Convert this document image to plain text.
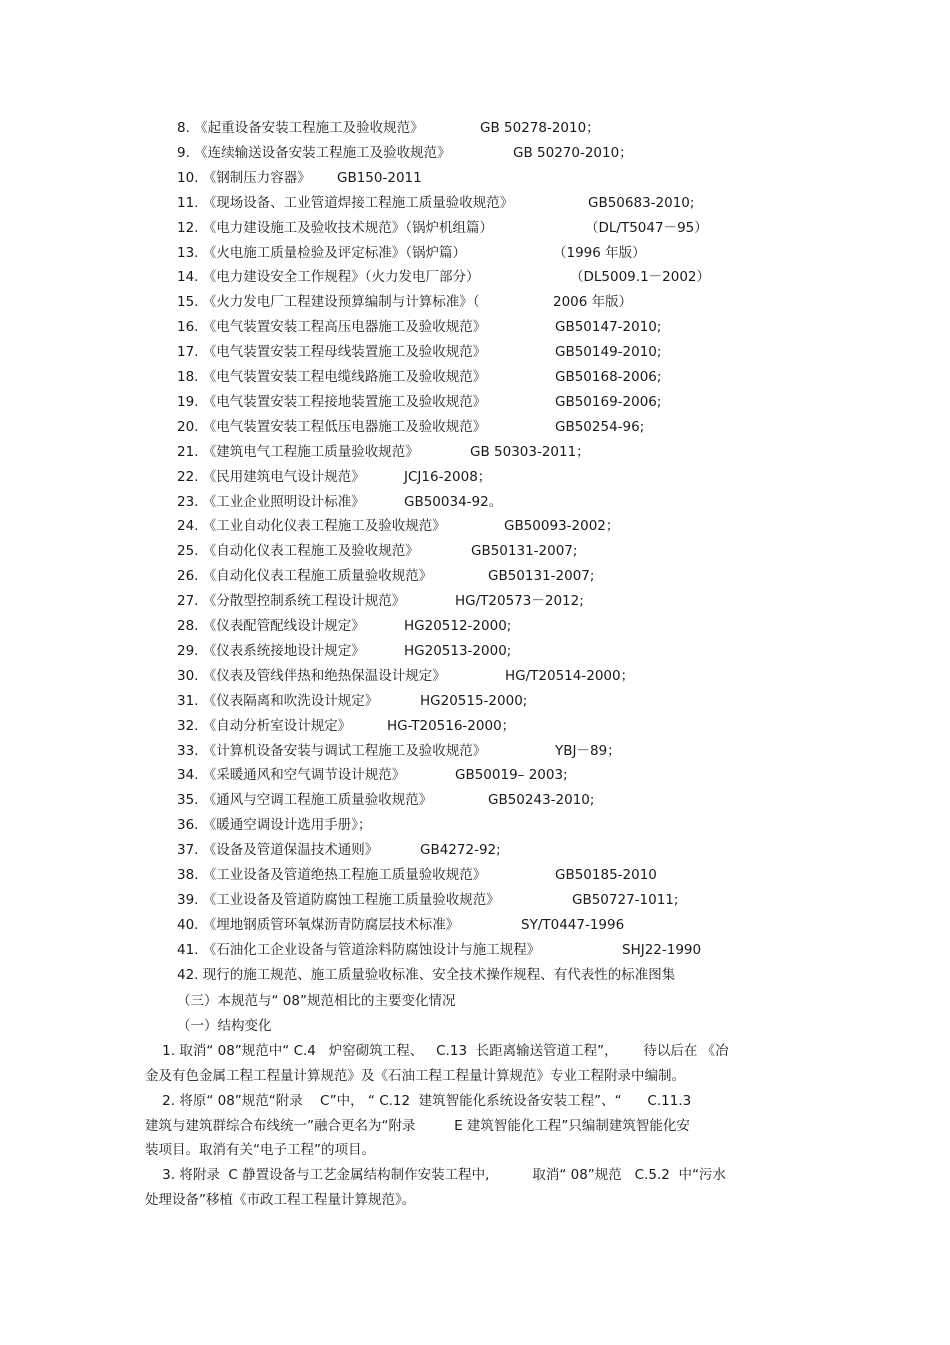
8. 《起重设备安装工程施工及验收规范》	GB 50278-2010；
9. 《连续输送设备安装工程施工及验收规范》	GB 50270-2010；
10. 《钢制压力容器》 GB150-2011
11. 《现场设备、工业管道焊接工程施工质量验收规范》	GB50683-2010;
12. 《电力建设施工及验收技术规范》（锅炉机组篇）	（DL/T5047－95）
13. 《火电施工质量检验及评定标准》（锅炉篇）	（1996 年版）
14. 《电力建设安全工作规程》（火力发电厂部分）	（DL5009.1－2002）
15. 《火力发电厂工程建设预算编制与计算标准》（	2006 年版）
16. 《电气装置安装工程高压电器施工及验收规范》	GB50147-2010;
17. 《电气装置安装工程母线装置施工及验收规范》	GB50149-2010;
18. 《电气装置安装工程电缆线路施工及验收规范》	GB50168-2006;
19. 《电气装置安装工程接地装置施工及验收规范》	GB50169-2006;
20. 《电气装置安装工程低压电器施工及验收规范》	GB50254-96;
21. 《建筑电气工程施工质量验收规范》	GB 50303-2011；
22. 《民用建筑电气设计规范》	JCJ16-2008；
23. 《工业企业照明设计标准》	GB50034-92。
24. 《工业自动化仪表工程施工及验收规范》	GB50093-2002；
25. 《自动化仪表工程施工及验收规范》	GB50131-2007;
26. 《自动化仪表工程施工质量验收规范》	GB50131-2007;
27. 《分散型控制系统工程设计规范》	HG/T20573－2012;
28. 《仪表配管配线设计规定》	HG20512-2000;
29. 《仪表系统接地设计规定》	HG20513-2000;
30. 《仪表及管线伴热和绝热保温设计规定》	HG/T20514-2000；
31. 《仪表隔离和吹洗设计规定》	HG20515-2000;
32. 《自动分析室设计规定》	HG-T20516-2000；
33. 《计算机设备安装与调试工程施工及验收规范》	YBJ－89；
34. 《采暖通风和空气调节设计规范》	GB50019– 2003;
35. 《通风与空调工程施工质量验收规范》	GB50243-2010;
36. 《暖通空调设计选用手册》；
37. 《设备及管道保温技术通则》	GB4272-92;
38. 《工业设备及管道绝热工程施工质量验收规范》	GB50185-2010
39. 《工业设备及管道防腐蚀工程施工质量验收规范》	GB50727-1011;
40. 《埋地钢质管环氧煤沥青防腐层技术标准》	SY/T0447-1996
41. 《石油化工企业设备与管道涂料防腐蚀设计与施工规程》	SHJ22-1990
42. 现行的施工规范、施工质量验收标准、安全技术操作规程、有代表性的标准图集
（三）本规范与“ 08”规范相比的主要变化情况
（一）结构变化
1. 取消“ 08”规范中“ C.4   炉窑砌筑工程、   C.13  长距离输送管道工程”，      待以后在 《冶
金及有色金属工程工程量计算规范》及《石油工程工程量计算规范》专业工程附录中编制。
2. 将原“ 08”规范“附录    C”中， “ C.12  建筑智能化系统设备安装工程”、“      C.11.3
建筑与建筑群综合布线统一”融合更名为“附录         E 建筑智能化工程”只编制建筑智能化安
装项目。取消有关“电子工程”的项目。
3. 将附录  C 静置设备与工艺金属结构制作安装工程中,          取消“ 08”规范   C.5.2  中“污水
处理设备”移植《市政工程工程量计算规范》。
